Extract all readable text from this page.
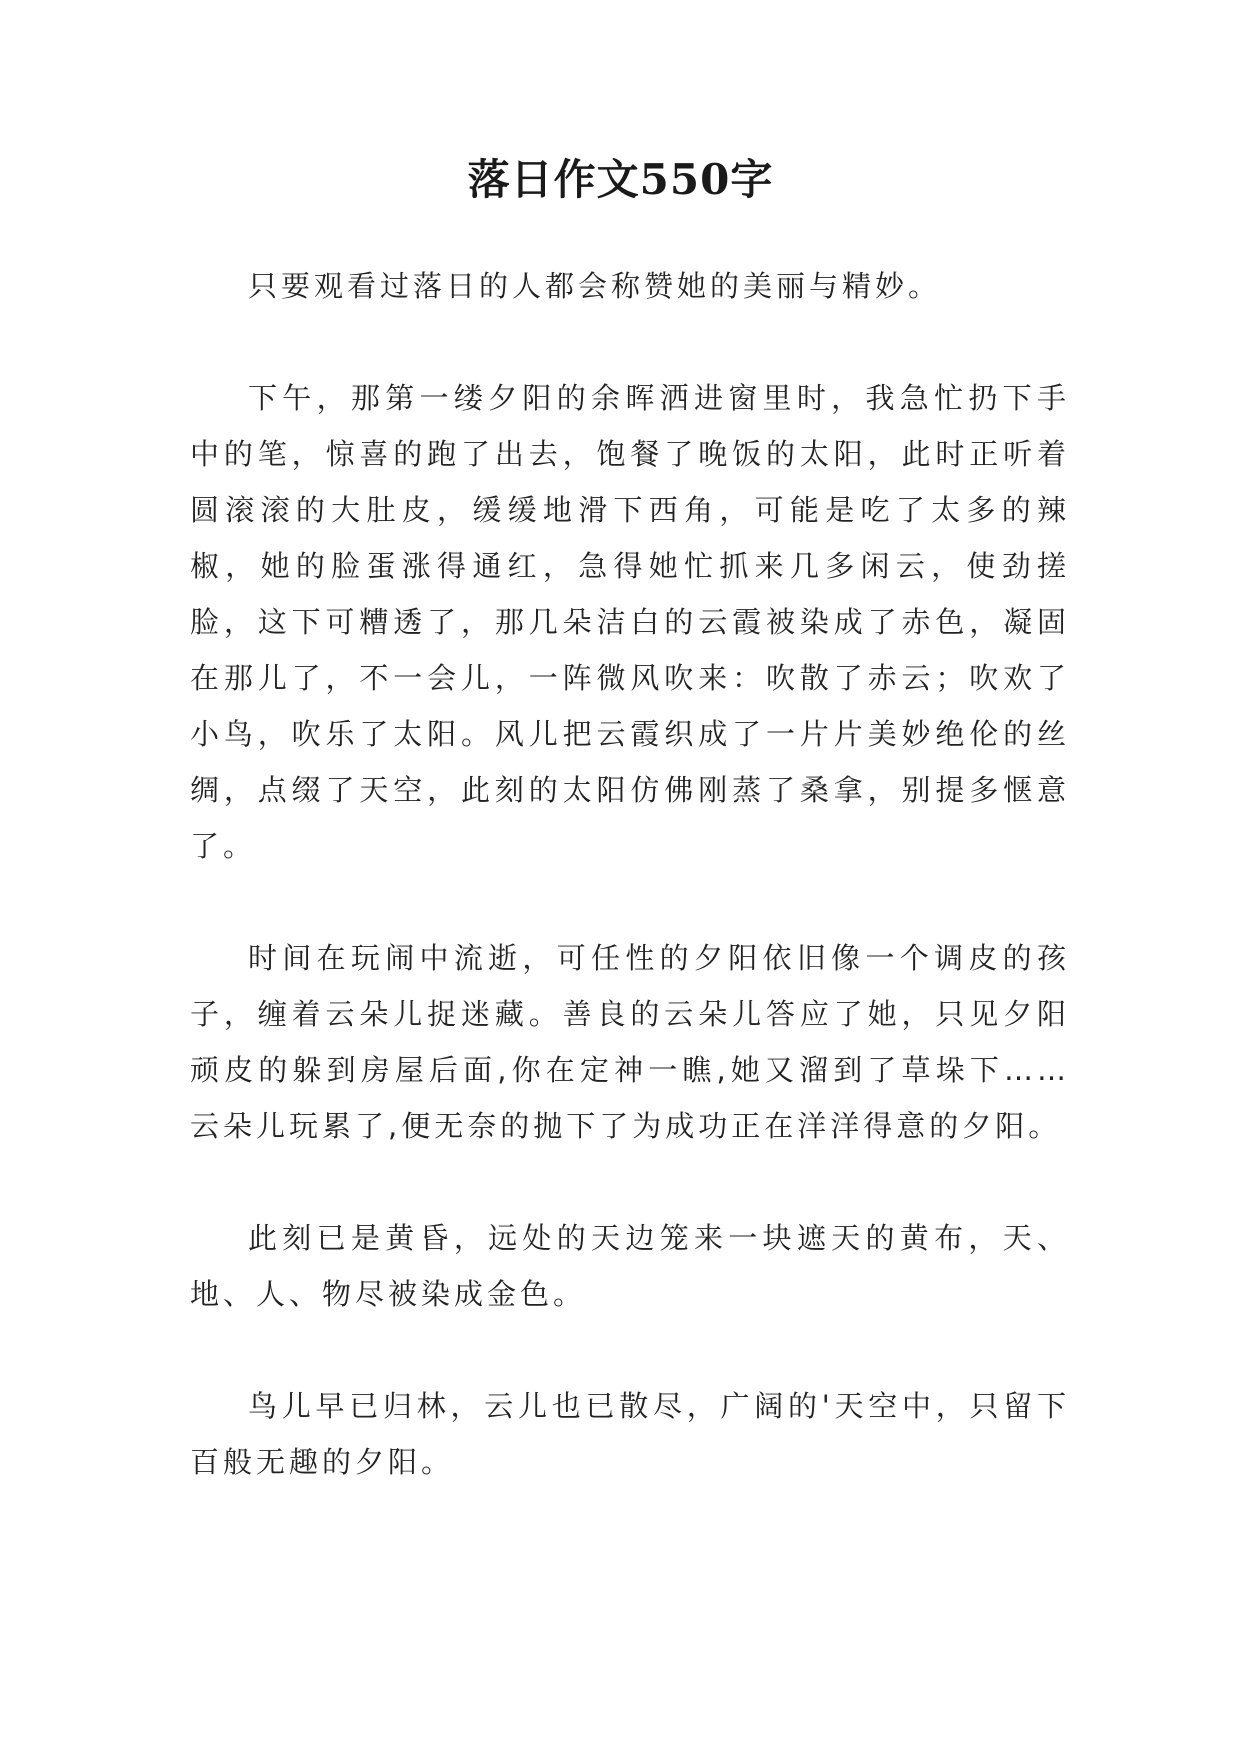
落日作文550字

只要观看过落日的人都会称赞她的美丽与精妙。

下午，那第一缕夕阳的余晖洒进窗里时，我急忙扔下手中的笔，惊喜的跑了出去，饱餐了晚饭的太阳，此时正听着圆滚滚的大肚皮，缓缓地滑下西角，可能是吃了太多的辣椒，她的脸蛋涨得通红，急得她忙抓来几多闲云，使劲搓脸，这下可糟透了，那几朵洁白的云霞被染成了赤色，凝固在那儿了，不一会儿，一阵微风吹来：吹散了赤云；吹欢了小鸟，吹乐了太阳。风儿把云霞织成了一片片美妙绝伦的丝绸，点缀了天空，此刻的太阳仿佛刚蒸了桑拿，别提多惬意了。

时间在玩闹中流逝，可任性的夕阳依旧像一个调皮的孩子，缠着云朵儿捉迷藏。善良的云朵儿答应了她，只见夕阳顽皮的躲到房屋后面,你在定神一瞧,她又溜到了草垛下……云朵儿玩累了,便无奈的抛下了为成功正在洋洋得意的夕阳。

此刻已是黄昏，远处的天边笼来一块遮天的黄布，天、地、人、物尽被染成金色。

鸟儿早已归林，云儿也已散尽，广阔的'天空中，只留下百般无趣的夕阳。
